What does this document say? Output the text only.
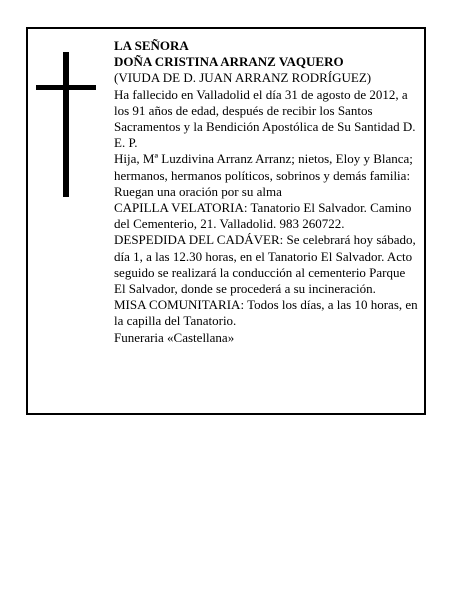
LA SEÑORA

DOÑA CRISTINA ARRANZ VAQUERO

(VIUDA DE D. JUAN ARRANZ RODRÍGUEZ)

Ha fallecido en Valladolid el día 31 de agosto de 2012, a los 91 años de edad, después de recibir los Santos Sacramentos y la Bendición Apostólica de Su Santidad D. E. P.

Hija, Mª Luzdivina Arranz Arranz; nietos, Eloy y Blanca; hermanos, hermanos políticos, sobrinos y demás familia:

Ruegan una oración por su alma

CAPILLA VELATORIA: Tanatorio El Salvador. Camino del Cementerio, 21. Valladolid. 983 260722.

DESPEDIDA DEL CADÁVER: Se celebrará hoy sábado, día 1, a las 12.30 horas, en el Tanatorio El Salvador. Acto seguido se realizará la conducción al cementerio Parque El Salvador, donde se procederá a su incineración.

MISA COMUNITARIA: Todos los días, a las 10 horas, en la capilla del Tanatorio.

Funeraria «Castellana»
